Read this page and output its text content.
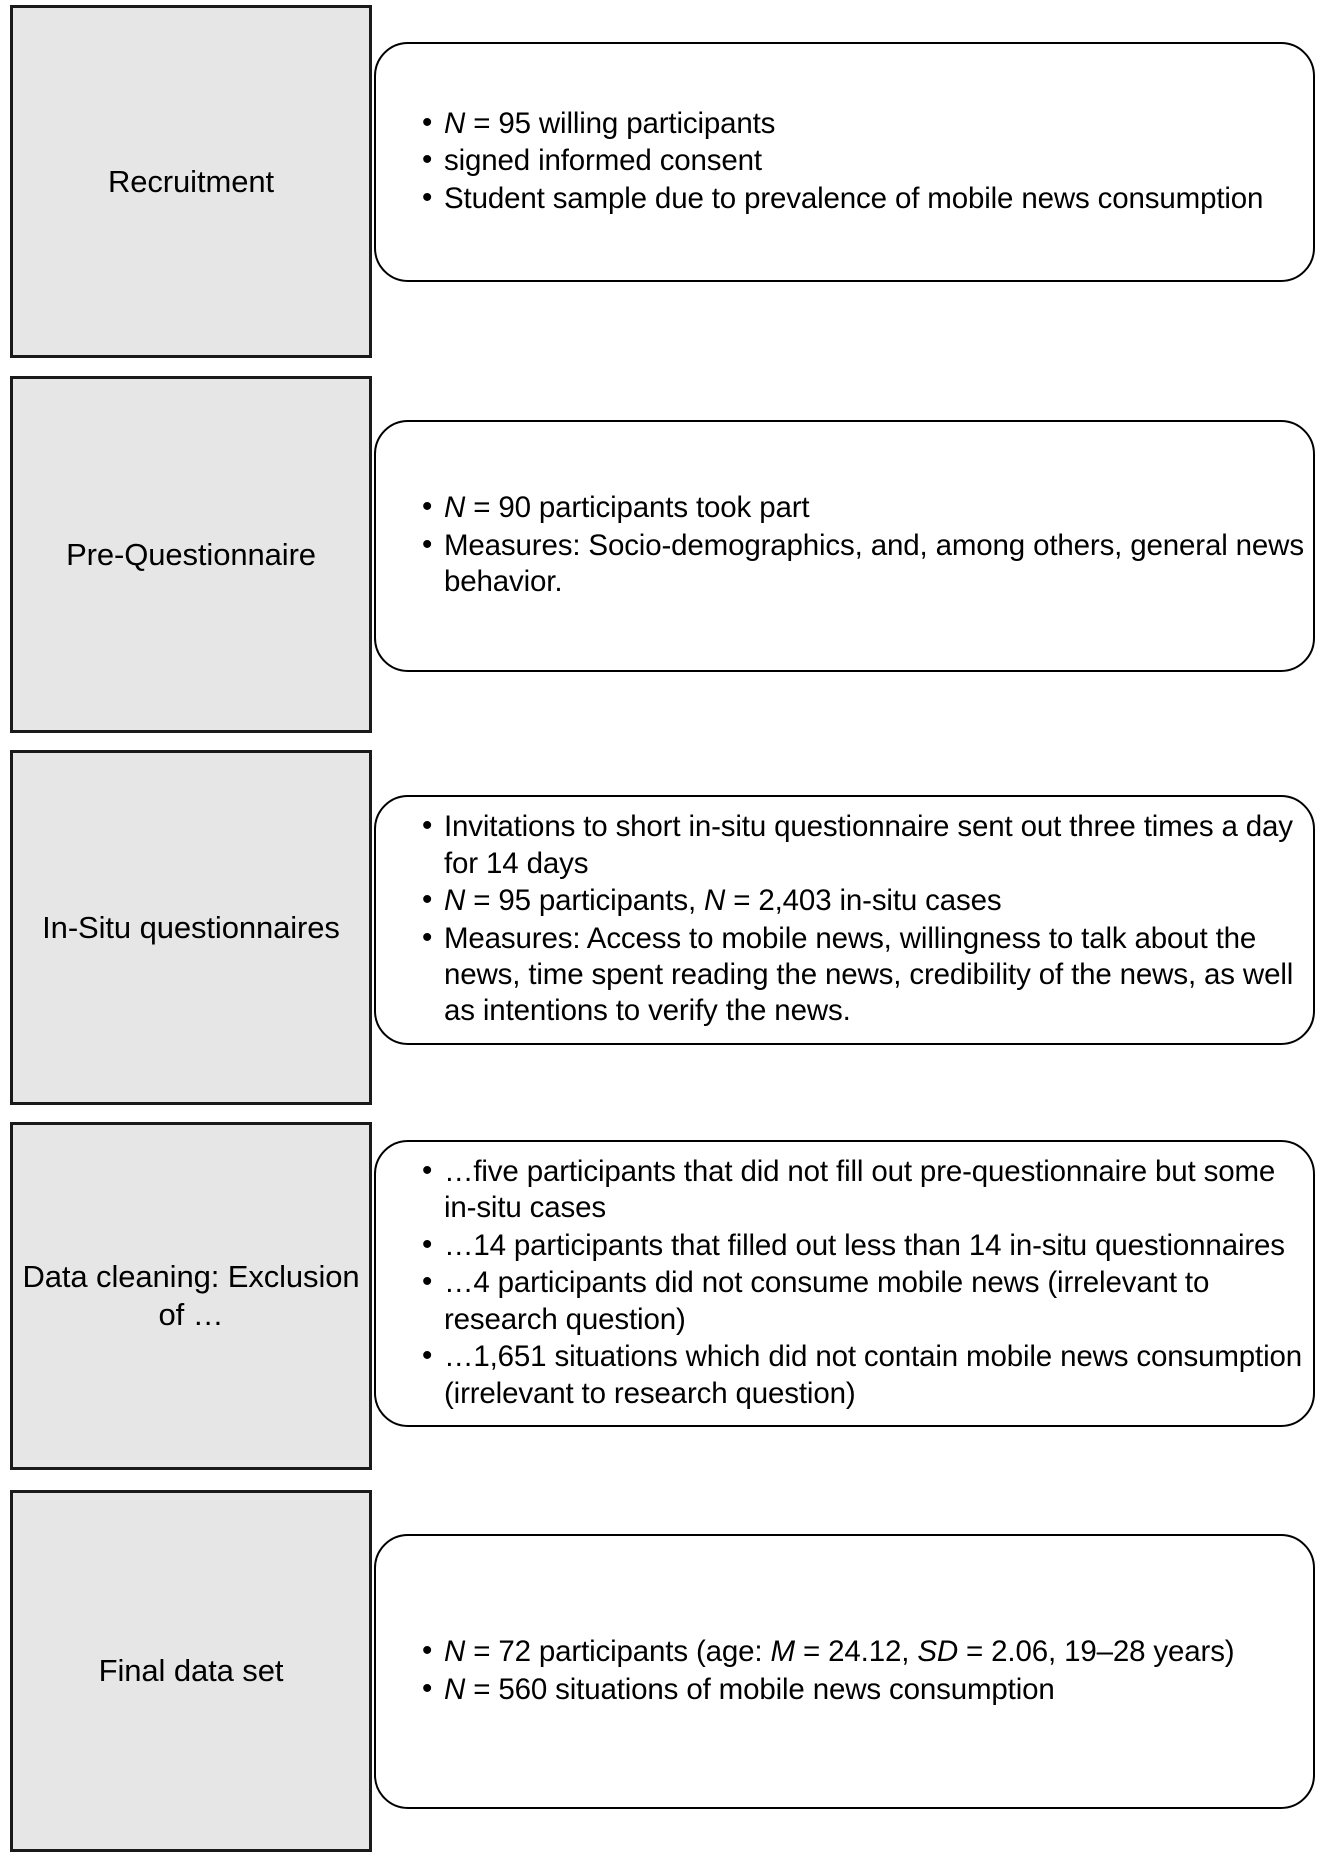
Recruitment
• N = 95 willing participants
• signed informed consent
• Student sample due to prevalence of mobile news consumption
Pre-Questionnaire
• N = 90 participants took part
• Measures: Socio-demographics, and, among others, general news behavior.
In-Situ questionnaires
• Invitations to short in-situ questionnaire sent out three times a day for 14 days
• N = 95 participants, N = 2,403 in-situ cases
• Measures: Access to mobile news, willingness to talk about the news, time spent reading the news, credibility of the news, as well as intentions to verify the news.
Data cleaning: Exclusion of …
• …five participants that did not fill out pre-questionnaire but some in-situ cases
• …14 participants that filled out less than 14 in-situ questionnaires
• …4 participants did not consume mobile news (irrelevant to research question)
• …1,651 situations which did not contain mobile news consumption (irrelevant to research question)
Final data set
• N = 72 participants (age: M = 24.12, SD = 2.06, 19–28 years)
• N = 560 situations of mobile news consumption
